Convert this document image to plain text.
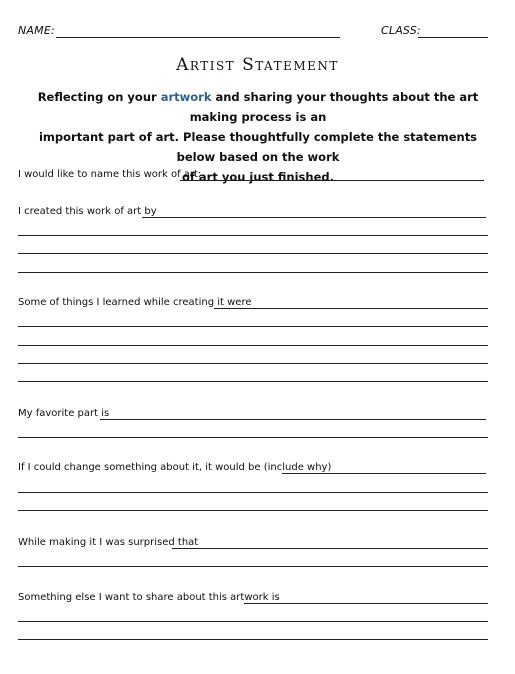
NAME:	CLASS:
Artist Statement
Reflecting on your artwork and sharing your thoughts about the art making process is an
important part of art. Please thoughtfully complete the statements below based on the work
of art you just finished.
I would like to name this work of art:
I created this work of art by
Some of things I learned while creating it were
My favorite part is
If I could change something about it, it would be (include why)
While making it I was surprised that
Something else I want to share about this artwork is
